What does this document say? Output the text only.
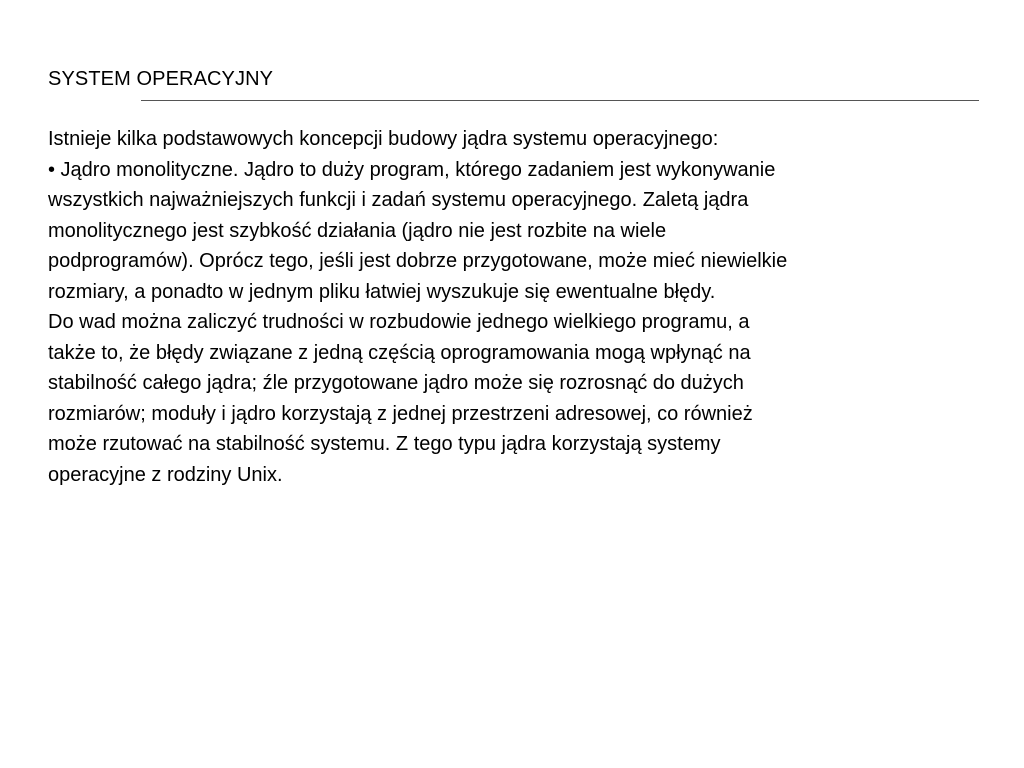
SYSTEM OPERACYJNY
Istnieje kilka podstawowych koncepcji budowy jądra systemu operacyjnego:
• Jądro monolityczne. Jądro to duży program, którego zadaniem jest wykonywanie
wszystkich najważniejszych funkcji i zadań systemu operacyjnego. Zaletą jądra
monolitycznego jest szybkość działania (jądro nie jest rozbite na wiele
podprogramów). Oprócz tego, jeśli jest dobrze przygotowane, może mieć niewielkie
rozmiary, a ponadto w jednym pliku łatwiej wyszukuje się ewentualne błędy.
Do wad można zaliczyć trudności w rozbudowie jednego wielkiego programu, a
także to, że błędy związane z jedną częścią oprogramowania mogą wpłynąć na
stabilność całego jądra; źle przygotowane jądro może się rozrosnąć do dużych
rozmiarów; moduły i jądro korzystają z jednej przestrzeni adresowej, co również
może rzutować na stabilność systemu. Z tego typu jądra korzystają systemy
operacyjne z rodziny Unix.
